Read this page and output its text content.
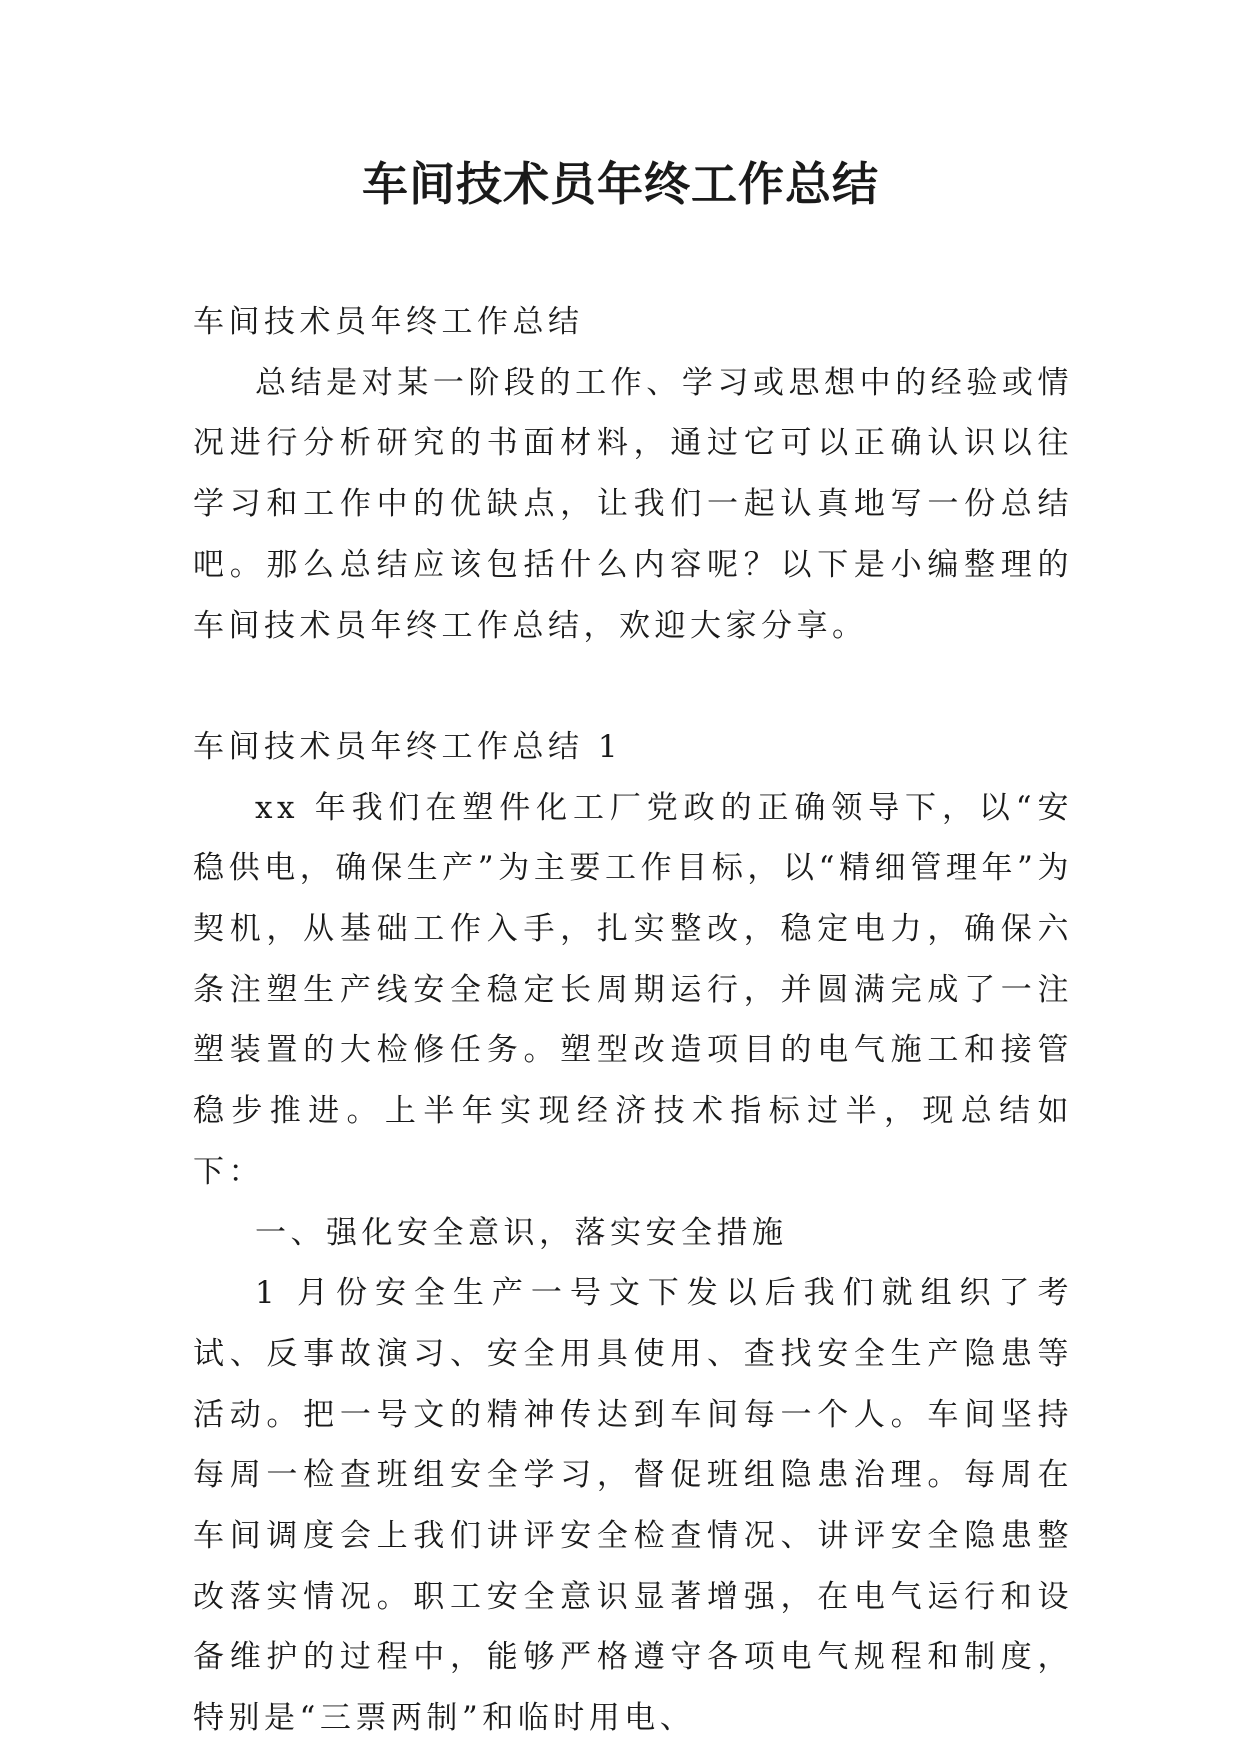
车间技术员年终工作总结

车间技术员年终工作总结

总结是对某一阶段的工作、学习或思想中的经验或情况进行分析研究的书面材料，通过它可以正确认识以往学习和工作中的优缺点，让我们一起认真地写一份总结吧。那么总结应该包括什么内容呢？以下是小编整理的车间技术员年终工作总结，欢迎大家分享。

车间技术员年终工作总结 1

xx 年我们在塑件化工厂党政的正确领导下，以“安稳供电，确保生产”为主要工作目标，以“精细管理年”为契机，从基础工作入手，扎实整改，稳定电力，确保六条注塑生产线安全稳定长周期运行，并圆满完成了一注塑装置的大检修任务。塑型改造项目的电气施工和接管稳步推进。上半年实现经济技术指标过半，现总结如下：

一、强化安全意识，落实安全措施

1 月份安全生产一号文下发以后我们就组织了考试、反事故演习、安全用具使用、查找安全生产隐患等活动。把一号文的精神传达到车间每一个人。车间坚持每周一检查班组安全学习，督促班组隐患治理。每周在车间调度会上我们讲评安全检查情况、讲评安全隐患整改落实情况。职工安全意识显著增强，在电气运行和设备维护的过程中，能够严格遵守各项电气规程和制度，特别是“三票两制”和临时用电、
